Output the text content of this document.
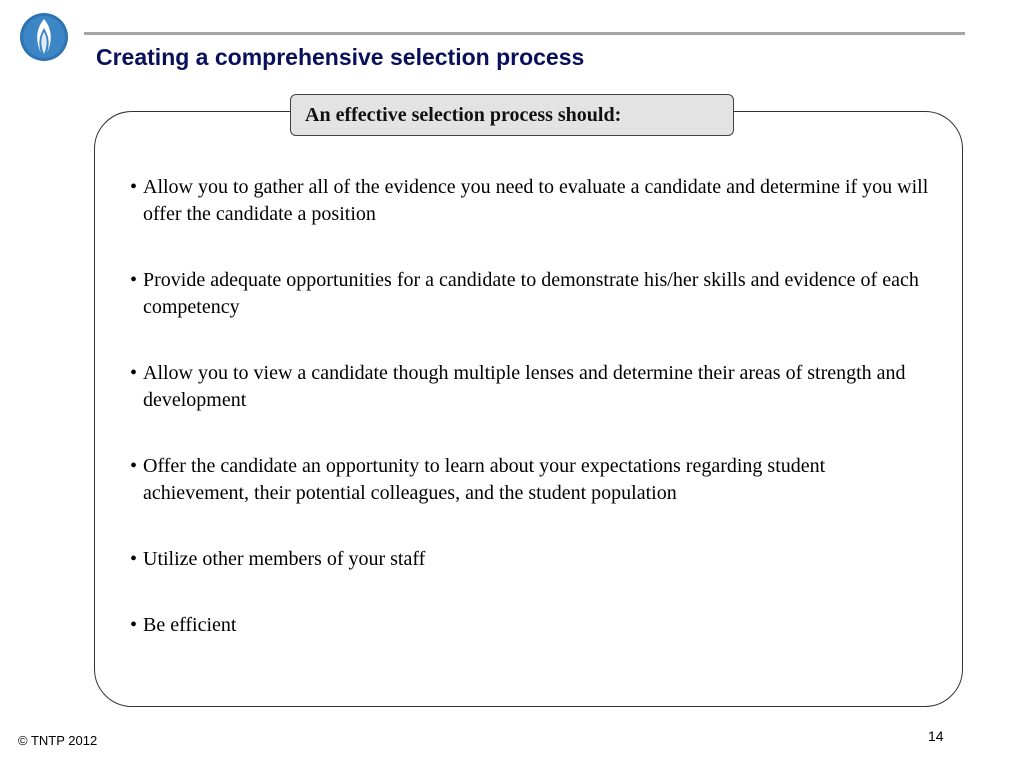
Creating a comprehensive selection process
An effective selection process should:
• Allow you to gather all of the evidence you need to evaluate a candidate and determine if you will offer the candidate a position
• Provide adequate opportunities for a candidate to demonstrate his/her skills and evidence of each competency
• Allow you to view a candidate though multiple lenses and determine their areas of strength and development
• Offer the candidate an opportunity to learn about your expectations regarding student achievement, their potential colleagues, and the student population
• Utilize other members of your staff
• Be efficient
© TNTP 2012	14
